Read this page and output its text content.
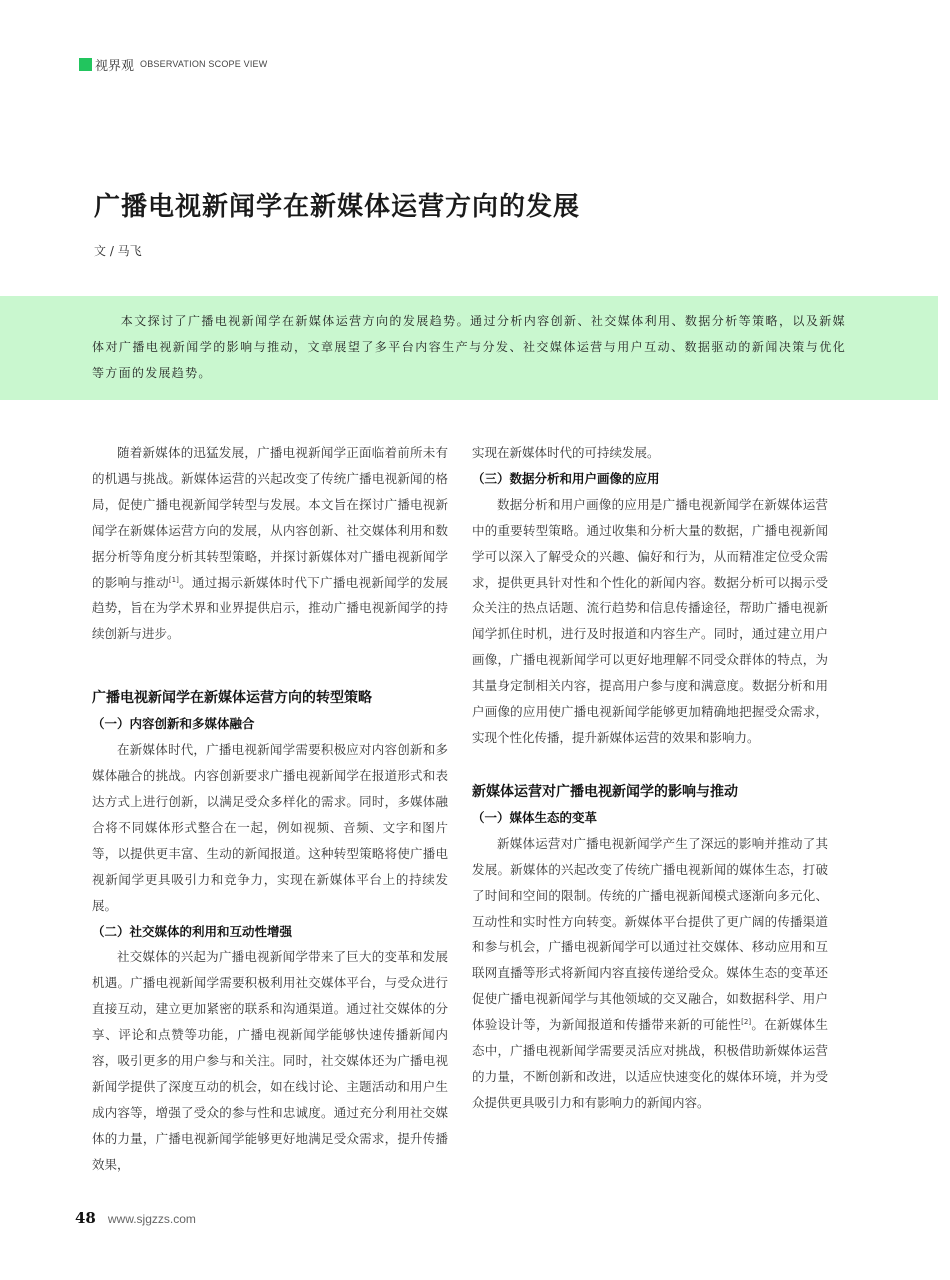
视界观 OBSERVATION SCOPE VIEW
广播电视新闻学在新媒体运营方向的发展
文 / 马飞

本文探讨了广播电视新闻学在新媒体运营方向的发展趋势。通过分析内容创新、社交媒体利用、数据分析等策略，以及新媒体对广播电视新闻学的影响与推动，文章展望了多平台内容生产与分发、社交媒体运营与用户互动、数据驱动的新闻决策与优化等方面的发展趋势。

随着新媒体的迅猛发展，广播电视新闻学正面临着前所未有的机遇与挑战。新媒体运营的兴起改变了传统广播电视新闻的格局，促使广播电视新闻学转型与发展。本文旨在探讨广播电视新闻学在新媒体运营方向的发展，从内容创新、社交媒体利用和数据分析等角度分析其转型策略，并探讨新媒体对广播电视新闻学的影响与推动[1]。通过揭示新媒体时代下广播电视新闻学的发展趋势，旨在为学术界和业界提供启示，推动广播电视新闻学的持续创新与进步。

广播电视新闻学在新媒体运营方向的转型策略
（一）内容创新和多媒体融合

在新媒体时代，广播电视新闻学需要积极应对内容创新和多媒体融合的挑战。内容创新要求广播电视新闻学在报道形式和表达方式上进行创新，以满足受众多样化的需求。同时，多媒体融合将不同媒体形式整合在一起，例如视频、音频、文字和图片等，以提供更丰富、生动的新闻报道。这种转型策略将使广播电视新闻学更具吸引力和竞争力，实现在新媒体平台上的持续发展。

（二）社交媒体的利用和互动性增强

社交媒体的兴起为广播电视新闻学带来了巨大的变革和发展机遇。广播电视新闻学需要积极利用社交媒体平台，与受众进行直接互动，建立更加紧密的联系和沟通渠道。通过社交媒体的分享、评论和点赞等功能，广播电视新闻学能够快速传播新闻内容，吸引更多的用户参与和关注。同时，社交媒体还为广播电视新闻学提供了深度互动的机会，如在线讨论、主题活动和用户生成内容等，增强了受众的参与性和忠诚度。通过充分利用社交媒体的力量，广播电视新闻学能够更好地满足受众需求，提升传播效果，

实现在新媒体时代的可持续发展。

（三）数据分析和用户画像的应用

数据分析和用户画像的应用是广播电视新闻学在新媒体运营中的重要转型策略。通过收集和分析大量的数据，广播电视新闻学可以深入了解受众的兴趣、偏好和行为，从而精准定位受众需求，提供更具针对性和个性化的新闻内容。数据分析可以揭示受众关注的热点话题、流行趋势和信息传播途径，帮助广播电视新闻学抓住时机，进行及时报道和内容生产。同时，通过建立用户画像，广播电视新闻学可以更好地理解不同受众群体的特点，为其量身定制相关内容，提高用户参与度和满意度。数据分析和用户画像的应用使广播电视新闻学能够更加精确地把握受众需求，实现个性化传播，提升新媒体运营的效果和影响力。

新媒体运营对广播电视新闻学的影响与推动
（一）媒体生态的变革

新媒体运营对广播电视新闻学产生了深远的影响并推动了其发展。新媒体的兴起改变了传统广播电视新闻的媒体生态，打破了时间和空间的限制。传统的广播电视新闻模式逐渐向多元化、互动性和实时性方向转变。新媒体平台提供了更广阔的传播渠道和参与机会，广播电视新闻学可以通过社交媒体、移动应用和互联网直播等形式将新闻内容直接传递给受众。媒体生态的变革还促使广播电视新闻学与其他领域的交叉融合，如数据科学、用户体验设计等，为新闻报道和传播带来新的可能性[2]。在新媒体生态中，广播电视新闻学需要灵活应对挑战，积极借助新媒体运营的力量，不断创新和改进，以适应快速变化的媒体环境，并为受众提供更具吸引力和有影响力的新闻内容。

48 www.sjgzzs.com
